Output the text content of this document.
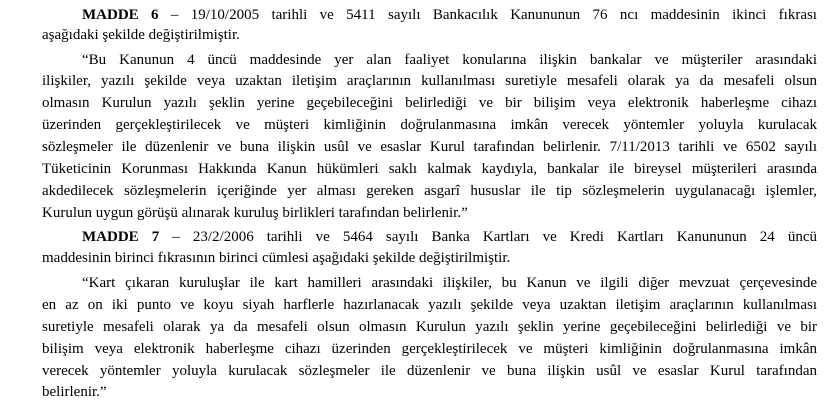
MADDE 6 – 19/10/2005 tarihli ve 5411 sayılı Bankacılık Kanununun 76 ncı maddesinin ikinci fıkrası
aşağıdaki şekilde değiştirilmiştir.
“Bu Kanunun 4 üncü maddesinde yer alan faaliyet konularına ilişkin bankalar ve müşteriler arasındaki
ilişkiler, yazılı şekilde veya uzaktan iletişim araçlarının kullanılması suretiyle mesafeli olarak ya da mesafeli olsun
olmasın Kurulun yazılı şeklin yerine geçebileceğini belirlediği ve bir bilişim veya elektronik haberleşme cihazı
üzerinden gerçekleştirilecek ve müşteri kimliğinin doğrulanmasına imkân verecek yöntemler yoluyla kurulacak
sözleşmeler ile düzenlenir ve buna ilişkin usûl ve esaslar Kurul tarafından belirlenir. 7/11/2013 tarihli ve 6502 sayılı
Tüketicinin Korunması Hakkında Kanun hükümleri saklı kalmak kaydıyla, bankalar ile bireysel müşterileri arasında
akdedilecek sözleşmelerin içeriğinde yer alması gereken asgarî hususlar ile tip sözleşmelerin uygulanacağı işlemler,
Kurulun uygun görüşü alınarak kuruluş birlikleri tarafından belirlenir.”
MADDE 7 – 23/2/2006 tarihli ve 5464 sayılı Banka Kartları ve Kredi Kartları Kanununun 24 üncü
maddesinin birinci fıkrasının birinci cümlesi aşağıdaki şekilde değiştirilmiştir.
“Kart çıkaran kuruluşlar ile kart hamilleri arasındaki ilişkiler, bu Kanun ve ilgili diğer mevzuat çerçevesinde
en az on iki punto ve koyu siyah harflerle hazırlanacak yazılı şekilde veya uzaktan iletişim araçlarının kullanılması
suretiyle mesafeli olarak ya da mesafeli olsun olmasın Kurulun yazılı şeklin yerine geçebileceğini belirlediği ve bir
bilişim veya elektronik haberleşme cihazı üzerinden gerçekleştirilecek ve müşteri kimliğinin doğrulanmasına imkân
verecek yöntemler yoluyla kurulacak sözleşmeler ile düzenlenir ve buna ilişkin usûl ve esaslar Kurul tarafından
belirlenir.”
